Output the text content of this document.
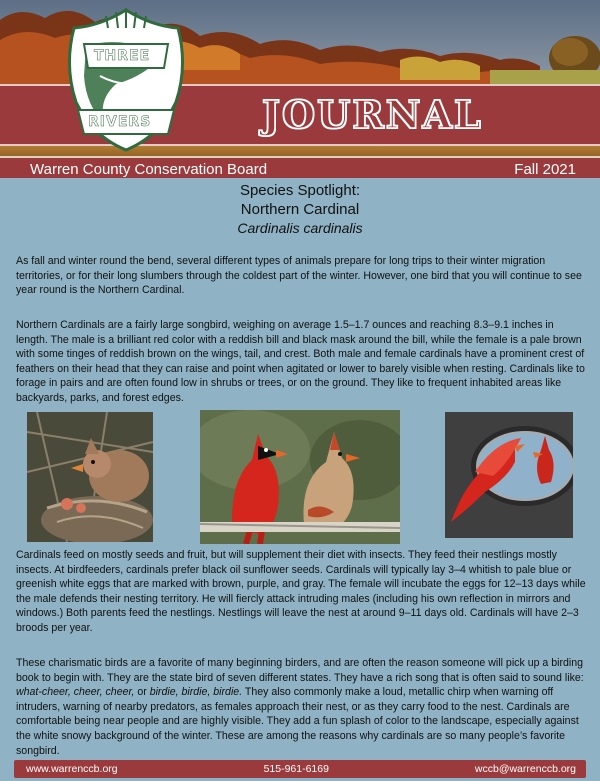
JOURNAL
THREE
RIVERS
Warren County Conservation Board	Fall 2021
Species Spotlight:
Northern Cardinal
Cardinalis cardinalis

As fall and winter round the bend, several different types of animals prepare for long trips to their winter migration territories, or for their long slumbers through the coldest part of the winter. However, one bird that you will continue to see year round is the Northern Cardinal.

Northern Cardinals are a fairly large songbird, weighing on average 1.5–1.7 ounces and reaching 8.3–9.1 inches in length. The male is a brilliant red color with a reddish bill and black mask around the bill, while the female is a pale brown with some tinges of reddish brown on the wings, tail, and crest. Both male and female cardinals have a prominent crest of feathers on their head that they can raise and point when agitated or lower to barely visible when resting. Cardinals like to forage in pairs and are often found low in shrubs or trees, or on the ground. They like to frequent inhabited areas like backyards, parks, and forest edges.

Cardinals feed on mostly seeds and fruit, but will supplement their diet with insects. They feed their nestlings mostly insects. At birdfeeders, cardinals prefer black oil sunflower seeds. Cardinals will typically lay 3–4 whitish to pale blue or greenish white eggs that are marked with brown, purple, and gray. The female will incubate the eggs for 12–13 days while the male defends their nesting territory. He will fiercly attack intruding males (including his own reflection in mirrors and windows.) Both parents feed the nestlings. Nestlings will leave the nest at around 9–11 days old. Cardinals will have 2–3 broods per year.

These charismatic birds are a favorite of many beginning birders, and are often the reason someone will pick up a birding book to begin with. They are the state bird of seven different states. They have a rich song that is often said to sound like: what-cheer, cheer, cheer, or birdie, birdie, birdie. They also commonly make a loud, metallic chirp when warning off intruders, warning of nearby predators, as females approach their nest, or as they carry food to the nest. Cardinals are comfortable being near people and are highly visible. They add a fun splash of color to the landscape, especially against the white snowy background of the winter. These are among the reasons why cardinals are so many people’s favorite songbird.

www.warrenccb.org	515-961-6169	wccb@warrenccb.org
